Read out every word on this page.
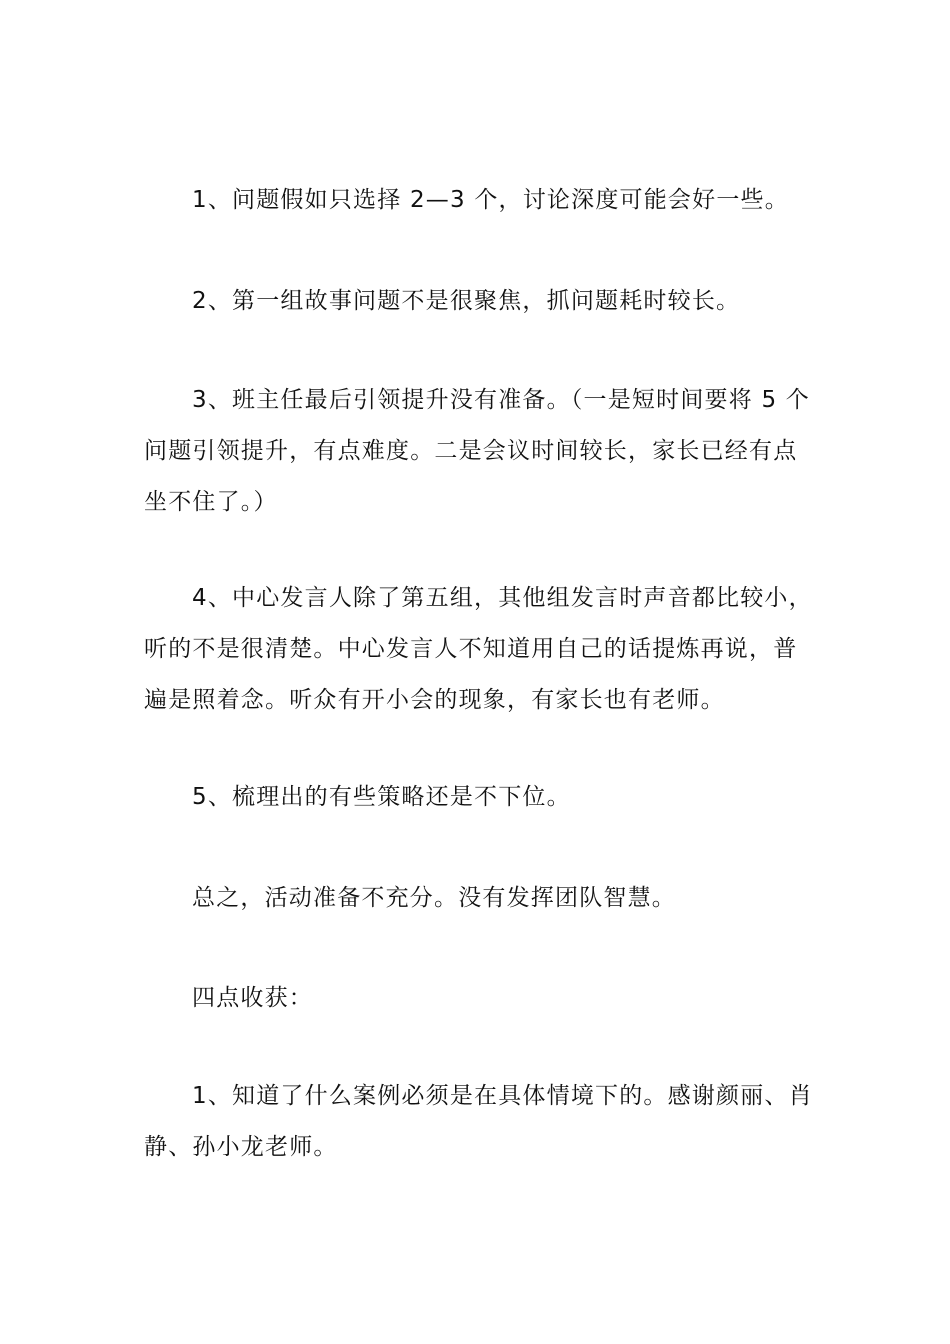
1、问题假如只选择 2—3 个，讨论深度可能会好一些。

2、第一组故事问题不是很聚焦，抓问题耗时较长。

3、班主任最后引领提升没有准备。（一是短时间要将 5 个问题引领提升，有点难度。二是会议时间较长，家长已经有点坐不住了。）

4、中心发言人除了第五组，其他组发言时声音都比较小，听的不是很清楚。中心发言人不知道用自己的话提炼再说，普遍是照着念。听众有开小会的现象，有家长也有老师。

5、梳理出的有些策略还是不下位。

总之，活动准备不充分。没有发挥团队智慧。

四点收获：

1、知道了什么案例必须是在具体情境下的。感谢颜丽、肖静、孙小龙老师。
